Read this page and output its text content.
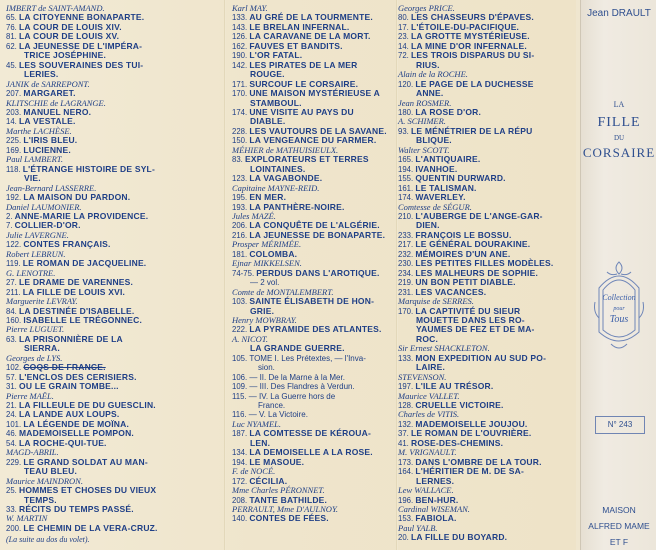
IMBERT de SAINT-AMAND.
65. LA CITOYENNE BONAPARTE.
76. LA COUR DE LOUIS XIV.
81. LA COUR DE LOUIS XV.
62. LA JEUNESSE DE L'IMPÉRA-
TRICE JOSÉPHINE.
45. LES SOUVERAINES DES TUI-
LERIES.
JANIK de SARREPONT.
207. MARGARET.
KLITSCHIE de LAGRANGE.
203. MANUEL NERO.
14. LA VESTALE.
Marthe LACHÈSE.
225. L'IRIS BLEU.
169. LUCIENNE.
Paul LAMBERT.
118. L'ÉTRANGE HISTOIRE DE SYL-
VIE.
Jean-Bernard LASSERRE.
192. LA MAISON DU PARDON.
Daniel LAUMONIER.
2. ANNE-MARIE LA PROVIDENCE.
7. COLLIER-D'OR.
Julie LAVERGNE.
122. CONTES FRANÇAIS.
Robert LEBRUN.
119. LE ROMAN DE JACQUELINE.
G. LENOTRE.
27. LE DRAME DE VARENNES.
211. LA FILLE DE LOUIS XVI.
Marguerite LEVRAY.
84. LA DESTINÉE D'ISABELLE.
160. ISABELLE LE TRÉGONNEC.
Pierre LUGUET.
63. LA PRISONNIÈRE DE LA
SIERRA.
Georges de LYS.
102. COQS DE FRANCE.
57. L'ENCLOS DES CERISIERS.
31. OU LE GRAIN TOMBE...
Pierre MAËL.
21. LA FILLEULE DE DU GUESCLIN.
24. LA LANDE AUX LOUPS.
101. LA LÉGENDE DE MOÏNA.
46. MADEMOISELLE POMPON.
54. LA ROCHE-QUI-TUE.
MAGD-ABRIL.
229. LE GRAND SOLDAT AU MAN-
TEAU BLEU.
Maurice MAINDRON.
25. HOMMES ET CHOSES DU VIEUX
TEMPS.
33. RÉCITS DU TEMPS PASSÉ.
W. MARTIN
200. LE CHEMIN DE LA VERA-CRUZ.
(La suite au dos du volet).
Karl MAY.
133. AU GRÉ DE LA TOURMENTE.
143. LE BRELAN INFERNAL.
126. LA CARAVANE DE LA MORT.
162. FAUVES ET BANDITS.
190. L'OR FATAL.
142. LES PIRATES DE LA MER
ROUGE.
171. SURCOUF LE CORSAIRE.
170. UNE MAISON MYSTÉRIEUSE A
STAMBOUL.
174. UNE VISITE AU PAYS DU
DIABLE.
228. LES VAUTOURS DE LA SAVANE.
150. LA VENGEANCE DU FARMER.
MÉHIER de MATHUISIEULX.
83. EXPLORATEURS ET TERRES
LOINTAINES.
123. LA VAGABONDE.
Capitaine MAYNE-REID.
195. EN MER.
193. LA PANTHÈRE-NOIRE.
Jules MAZÉ.
206. LA CONQUÊTE DE L'ALGÉRIE.
216. LA JEUNESSE DE BONAPARTE.
Prosper MÉRIMÉE.
181. COLOMBA.
Ejnar MIKKELSEN.
74-75. PERDUS DANS L'AROTIQUE.
— 2 vol.
Comte de MONTALEMBERT.
103. SAINTE ÉLISABETH DE HON-
GRIE.
Henry MOWBRAY.
222. LA PYRAMIDE DES ATLANTES.
A. NICOT.
LA GRANDE GUERRE.
105. TOME I. Les Prétextes, — l'Inva-
sion.
106. — II. De la Marne à la Mer.
109. — III. Des Flandres à Verdun.
115. — IV. La Guerre hors de
France.
116. — V. La Victoire.
Luc NYAMEL.
187. LA COMTESSE DE KÉROUA-
LEN.
134. LA DEMOISELLE A LA ROSE.
194. LE MASOUE.
F. de NOCÉ.
172. CÉCILIA.
Mme Charles PÉRONNET.
208. TANTE BATHILDE.
PERRAULT, Mme D'AULNOY.
140. CONTES DE FÉES.
Georges PRICE.
80. LES CHASSEURS D'ÉPAVES.
17. L'ÉTOILE-DU-PACIFIQUE.
23. LA GROTTE MYSTÉRIEUSE.
14. LA MINE D'OR INFERNALE.
72. LES TROIS DISPARUS DU SI-
RIUS.
Alain de la ROCHE.
120. LE PAGE DE LA DUCHESSE
ANNE.
Jean ROSMER.
180. LA ROSE D'OR.
A. SCHIMER.
93. LE MÉNÉTRIER DE LA RÉPU
BLIQUE.
Walter SCOTT.
165. L'ANTIQUAIRE.
194. IVANHOE.
155. QUENTIN DURWARD.
161. LE TALISMAN.
174. WAVERLEY.
Comtesse de SÉGUR.
210. L'AUBERGE DE L'ANGE-GAR-
DIEN.
233. FRANÇOIS LE BOSSU.
217. LE GÉNÉRAL DOURAKINE.
232. MÉMOIRES D'UN ANE.
230. LES PETITES FILLES MODÈLES.
234. LES MALHEURS DE SOPHIE.
219. UN BON PETIT DIABLE.
231. LES VACANCES.
Marquise de SERRES.
170. LA CAPTIVITÉ DU SIEUR
MOUETTE DANS LES RO-
YAUMES DE FEZ ET DE MA-
ROC.
Sir Ernest SHACKLETON.
133. MON EXPEDITION AU SUD PO-
LAIRE.
STEVENSON.
197. L'ILE AU TRÉSOR.
Maurice VALLET.
128. CRUELLE VICTOIRE.
Charles de VITIS.
132. MADEMOISELLE JOUJOU.
37. LE ROMAN DE L'OUVRIÈRE.
41. ROSE-DES-CHEMINS.
M. VRIGNAULT.
173. DANS L'OMBRE DE LA TOUR.
164. L'HÉRITIER DE M. DE SA-
LERNES.
Lew WALLACE.
196. BEN-HUR.
Cardinal WISEMAN.
153. FABIOLA.
Paul YALB.
20. LA FILLE DU BOYARD.
Jean DRAULT
LA
FILLE
DU
CORSAIRE
Collection
pour
Tous
N° 243
MAISON
ALFRED MAME
ET F
